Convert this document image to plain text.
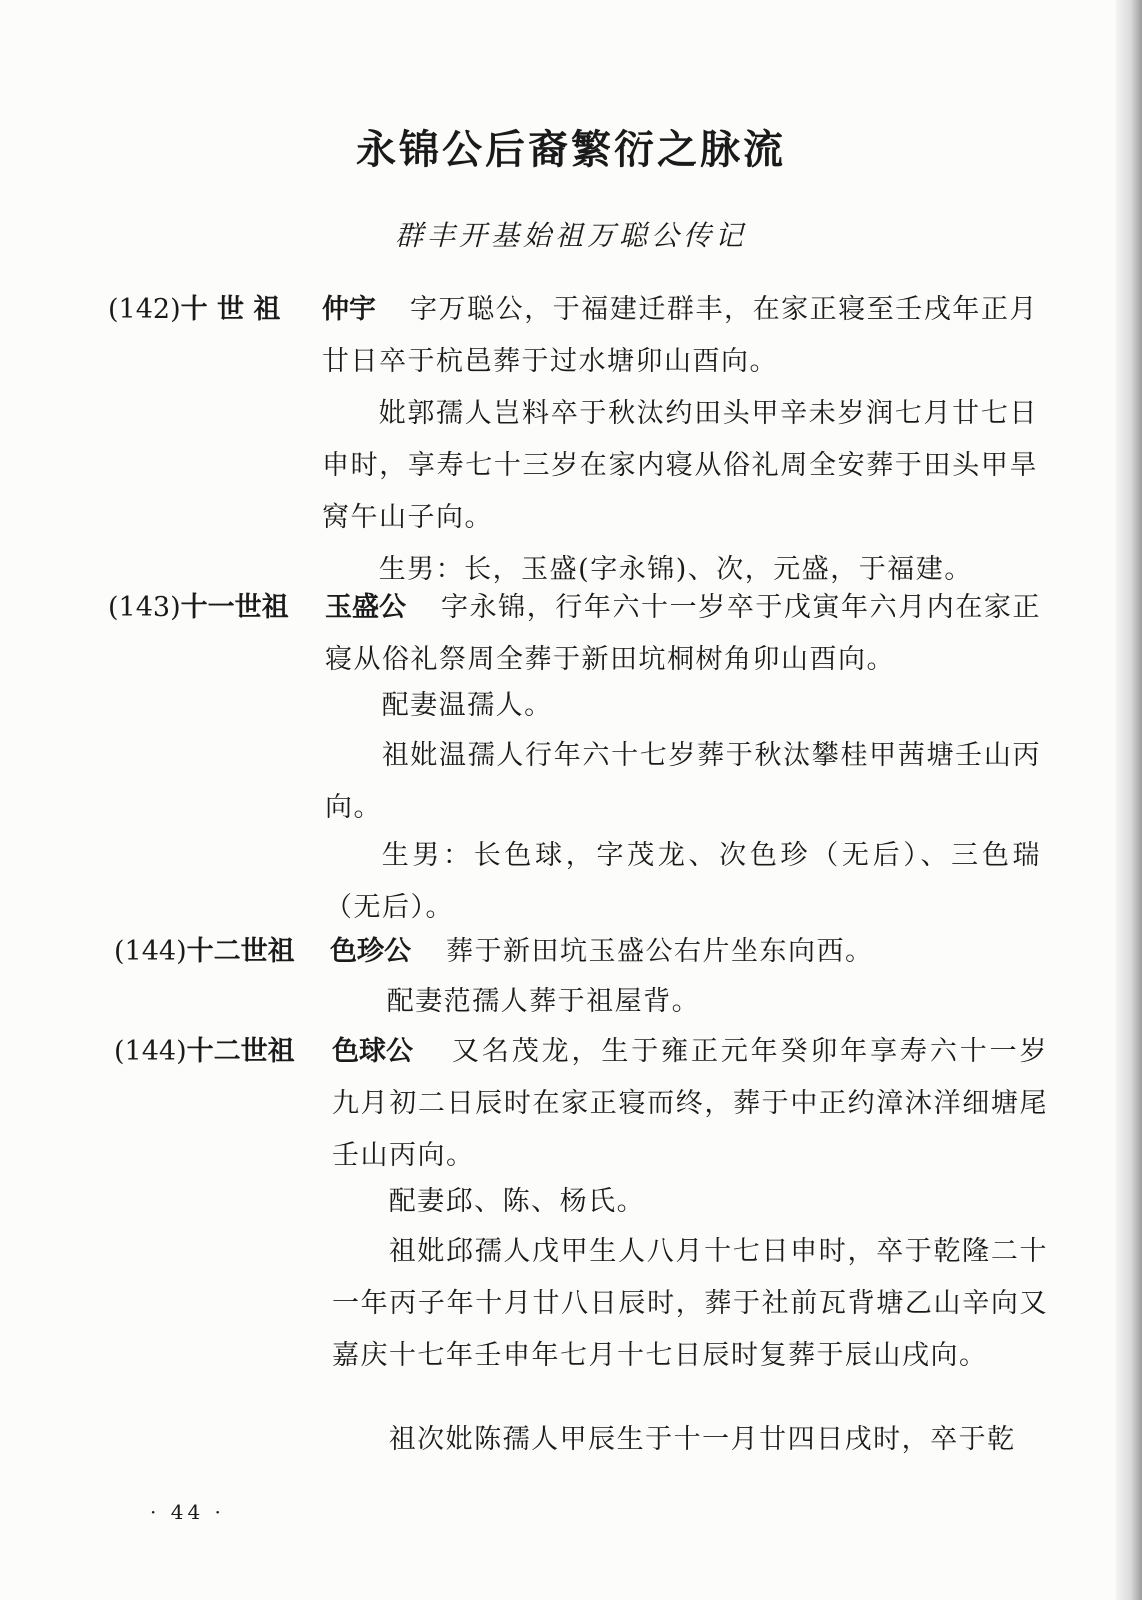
永锦公后裔繁衍之脉流
群丰开基始祖万聪公传记
(142)十 世 祖 仲宇	字万聪公，于福建迁群丰，在家正寝至壬戌年正月廿日卒于杭邑葬于过水塘卯山酉向。
妣郭孺人岂料卒于秋汰约田头甲辛未岁润七月廿七日申时，享寿七十三岁在家内寝从俗礼周全安葬于田头甲旱窝午山子向。
生男：长，玉盛(字永锦)、次，元盛，于福建。
(143)十一世祖 玉盛公	字永锦，行年六十一岁卒于戊寅年六月内在家正寝从俗礼祭周全葬于新田坑桐树角卯山酉向。
配妻温孺人。
祖妣温孺人行年六十七岁葬于秋汰攀桂甲茜塘壬山丙向。
生男：长色球，字茂龙、次色珍（无后）、三色瑞（无后）。
(144)十二世祖 色珍公	葬于新田坑玉盛公右片坐东向西。
配妻范孺人葬于祖屋背。
(144)十二世祖 色球公	又名茂龙，生于雍正元年癸卯年享寿六十一岁九月初二日辰时在家正寝而终，葬于中正约漳沐洋细塘尾壬山丙向。
配妻邱、陈、杨氏。
祖妣邱孺人戊甲生人八月十七日申时，卒于乾隆二十一年丙子年十月廿八日辰时，葬于社前瓦背塘乙山辛向又嘉庆十七年壬申年七月十七日辰时复葬于辰山戌向。
祖次妣陈孺人甲辰生于十一月廿四日戌时，卒于乾
· 44 ·
